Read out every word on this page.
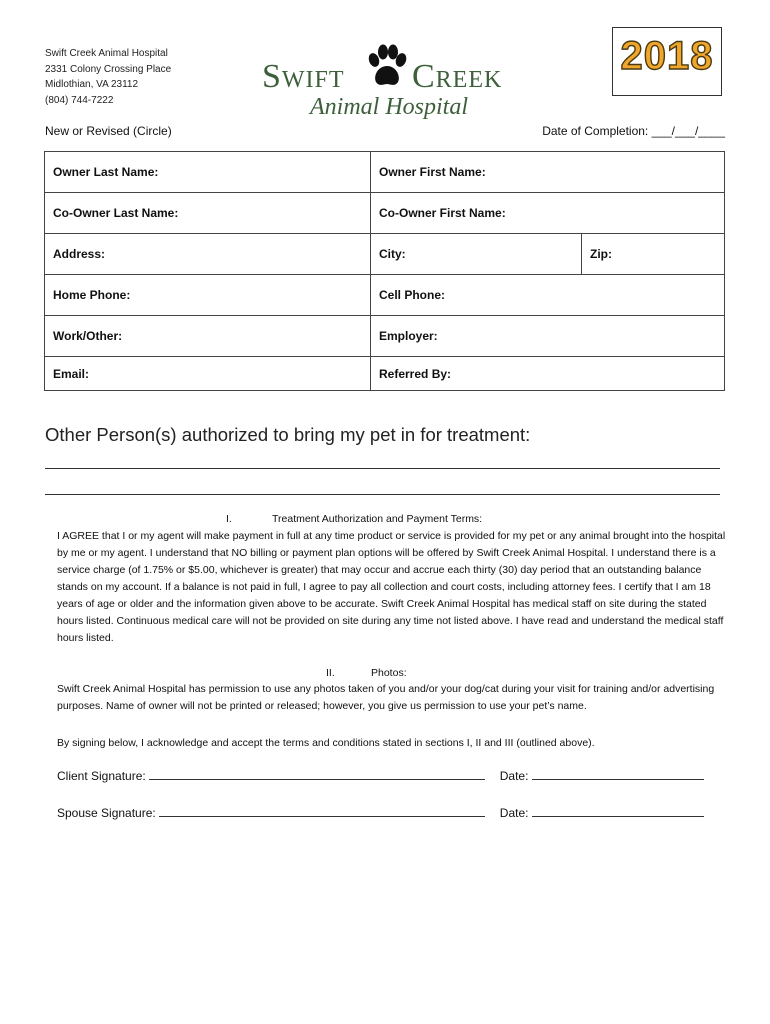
Swift Creek Animal Hospital
2331 Colony Crossing Place
Midlothian, VA 23112
(804) 744-7222
Swift Creek
Animal Hospital
2018
New or Revised (Circle)	Date of Completion: ___/___/____
Owner Last Name:	Owner First Name:	
Co-Owner Last Name:	Co-Owner First Name:	
Address:	City:	Zip:
Home Phone:	Cell Phone:	
Work/Other:	Employer:	
Email:	Referred By:	
Other Person(s) authorized to bring my pet in for treatment:
I.	Treatment Authorization and Payment Terms:
I AGREE that I or my agent will make payment in full at any time product or service is provided for my pet or any animal brought into the hospital by me or my agent. I understand that NO billing or payment plan options will be offered by Swift Creek Animal Hospital. I understand there is a service charge (of 1.75% or $5.00, whichever is greater) that may occur and accrue each thirty (30) day period that an outstanding balance stands on my account. If a balance is not paid in full, I agree to pay all collection and court costs, including attorney fees. I certify that I am 18 years of age or older and the information given above to be accurate. Swift Creek Animal Hospital has medical staff on site during the stated hours listed. Continuous medical care will not be provided on site during any time not listed above. I have read and understand the medical staff hours listed.
II.	Photos:
Swift Creek Animal Hospital has permission to use any photos taken of you and/or your dog/cat during your visit for training and/or advertising purposes. Name of owner will not be printed or released; however, you give us permission to use your pet’s name.
By signing below, I acknowledge and accept the terms and conditions stated in sections I, II and III (outlined above).
Client Signature:	Date:
Spouse Signature:	Date:
